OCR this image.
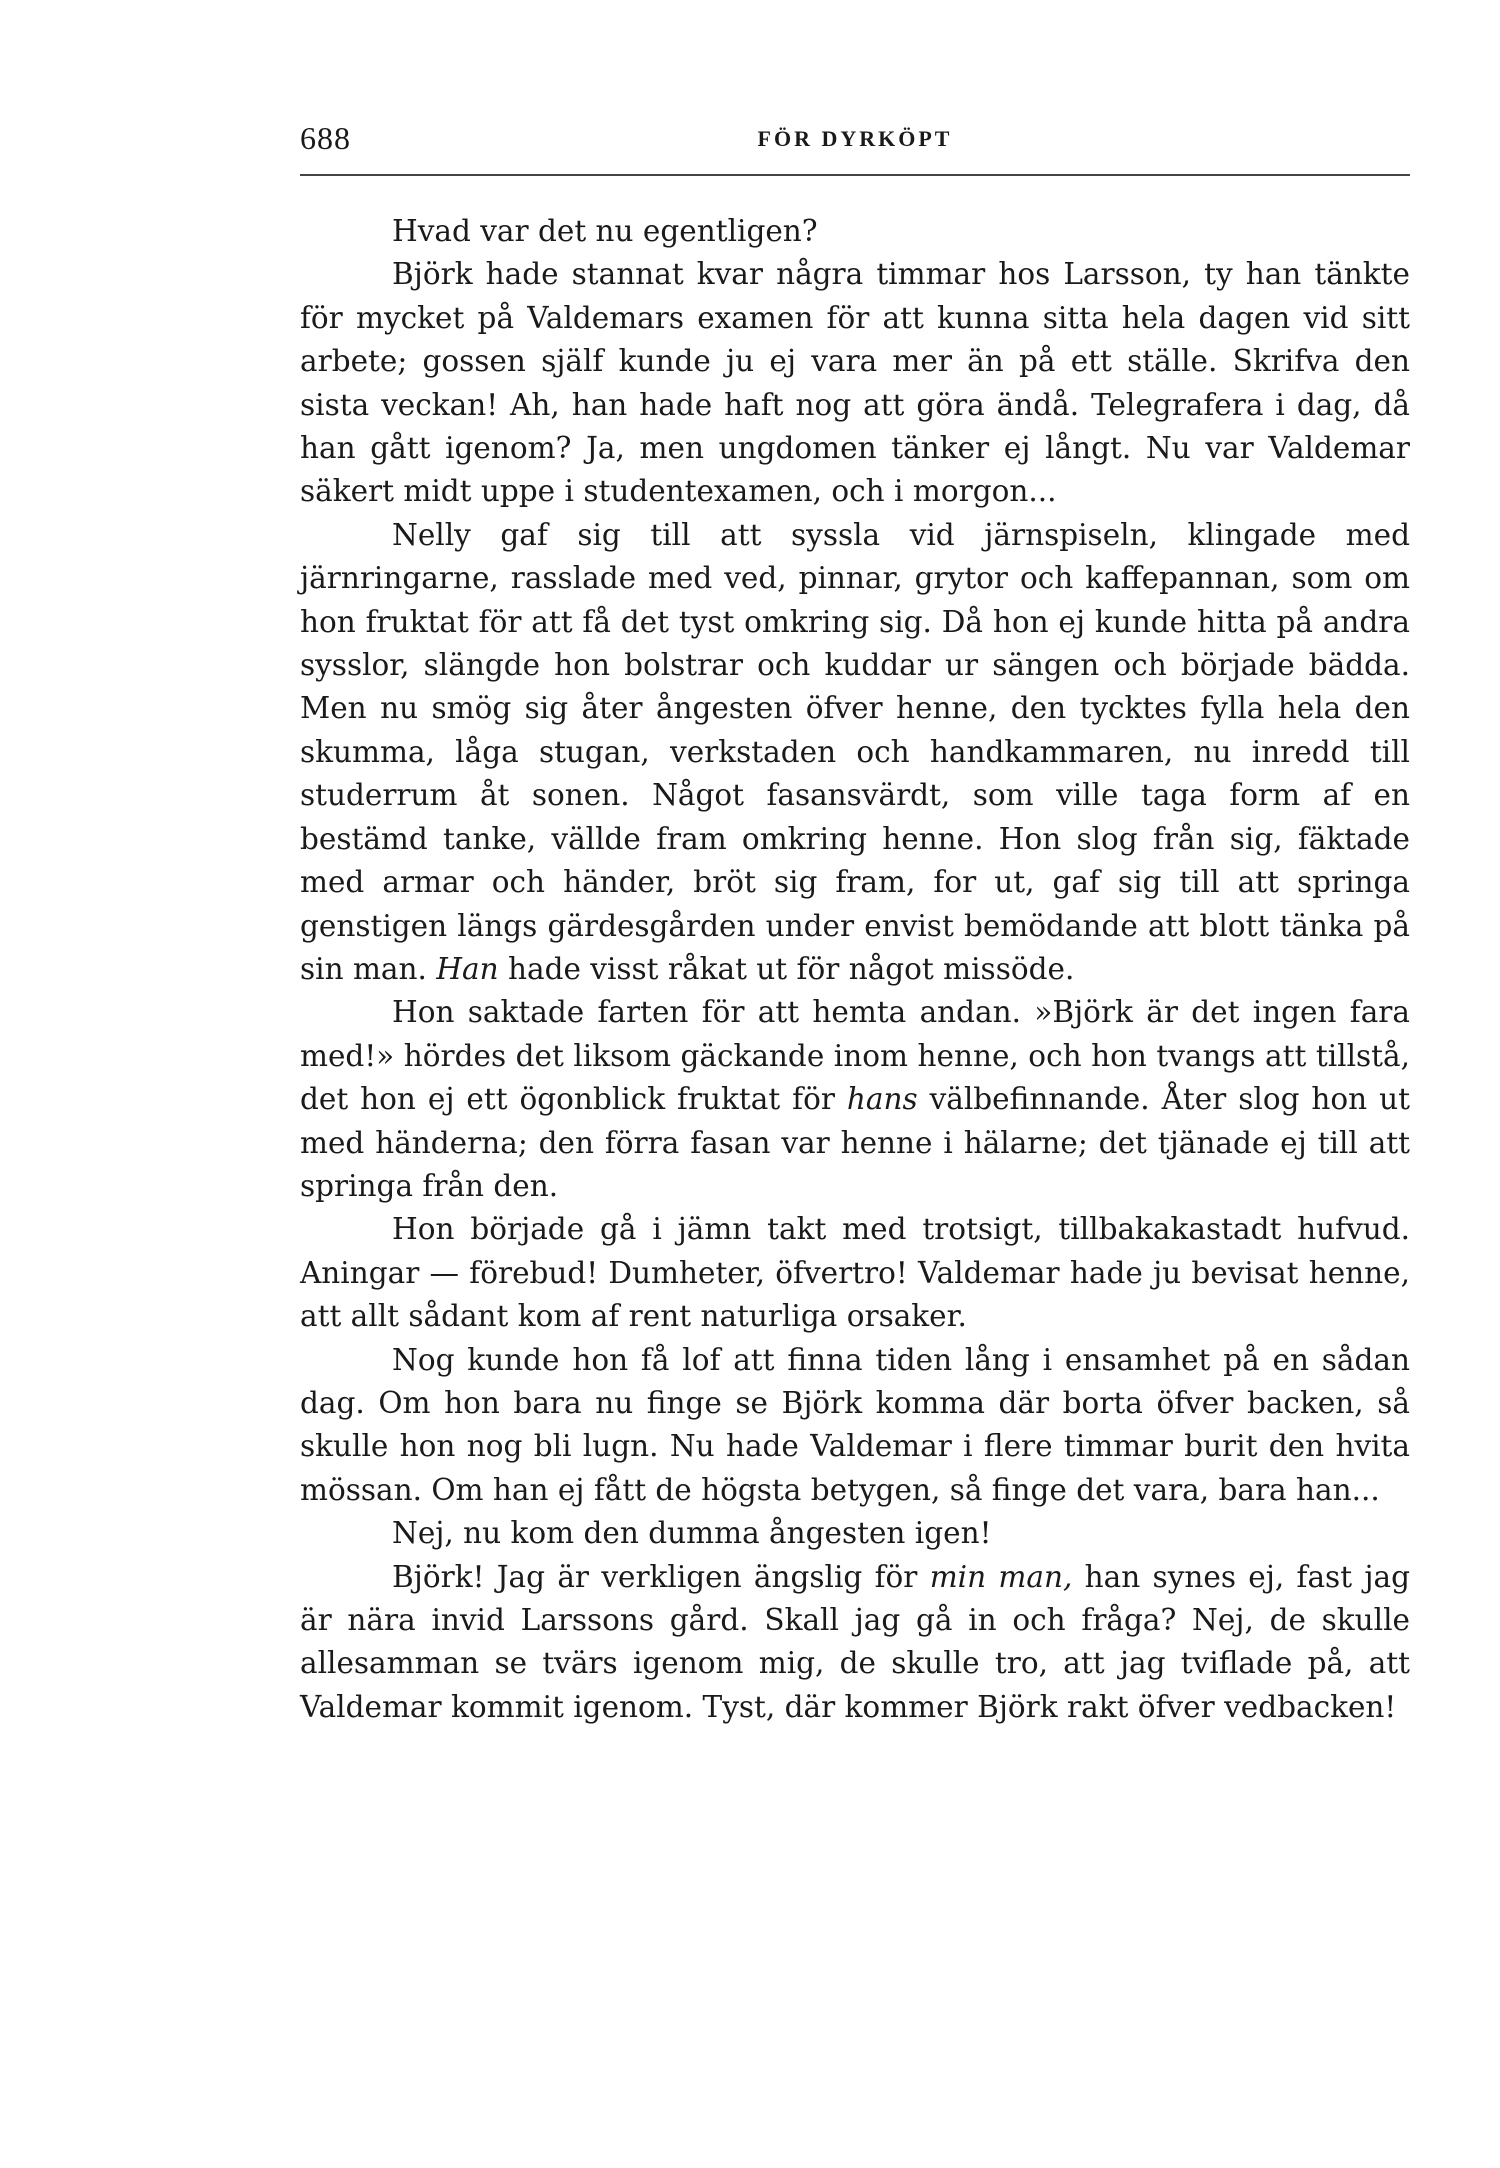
688	FÖR DYRKÖPT

Hvad var det nu egentligen?

Björk hade stannat kvar några timmar hos Larsson, ty han tänkte för mycket på Valdemars examen för att kunna sitta hela dagen vid sitt arbete; gossen själf kunde ju ej vara mer än på ett ställe. Skrifva den sista veckan! Ah, han hade haft nog att göra ändå. Telegrafera i dag, då han gått igenom? Ja, men ungdomen tänker ej långt. Nu var Valdemar säkert midt uppe i studentexamen, och i morgon...

Nelly gaf sig till att syssla vid järnspiseln, klingade med järnringarne, rasslade med ved, pinnar, grytor och kaffepannan, som om hon fruktat för att få det tyst omkring sig. Då hon ej kunde hitta på andra sysslor, slängde hon bolstrar och kuddar ur sängen och började bädda. Men nu smög sig åter ångesten öfver henne, den tycktes fylla hela den skumma, låga stugan, verkstaden och handkammaren, nu inredd till studerrum åt sonen. Något fasansvärdt, som ville taga form af en bestämd tanke, vällde fram omkring henne. Hon slog från sig, fäktade med armar och händer, bröt sig fram, for ut, gaf sig till att springa genstigen längs gärdesgården under envist bemödande att blott tänka på sin man. Han hade visst råkat ut för något missöde.

Hon saktade farten för att hemta andan. »Björk är det ingen fara med!» hördes det liksom gäckande inom henne, och hon tvangs att tillstå, det hon ej ett ögonblick fruktat för hans välbefinnande. Åter slog hon ut med händerna; den förra fasan var henne i hälarne; det tjänade ej till att springa från den.

Hon började gå i jämn takt med trotsigt, tillbakakastadt hufvud. Aningar — förebud! Dumheter, öfvertro! Valdemar hade ju bevisat henne, att allt sådant kom af rent naturliga orsaker.

Nog kunde hon få lof att finna tiden lång i ensamhet på en sådan dag. Om hon bara nu finge se Björk komma där borta öfver backen, så skulle hon nog bli lugn. Nu hade Valdemar i flere timmar burit den hvita mössan. Om han ej fått de högsta betygen, så finge det vara, bara han...

Nej, nu kom den dumma ångesten igen!

Björk! Jag är verkligen ängslig för min man, han synes ej, fast jag är nära invid Larssons gård. Skall jag gå in och fråga? Nej, de skulle allesamman se tvärs igenom mig, de skulle tro, att jag tviflade på, att Valdemar kommit igenom. Tyst, där kommer Björk rakt öfver vedbacken!
